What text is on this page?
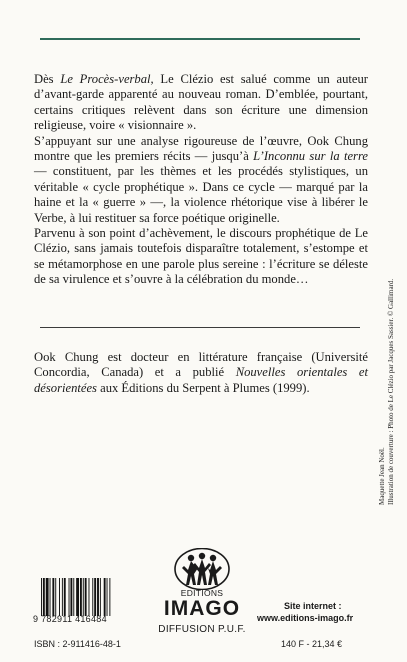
Dès Le Procès-verbal, Le Clézio est salué comme un auteur d’avant-garde apparenté au nouveau roman. D’emblée, pourtant, certains critiques relèvent dans son écriture une dimension religieuse, voire « visionnaire ».

S’appuyant sur une analyse rigoureuse de l’œuvre, Ook Chung montre que les premiers récits — jusqu’à L’Inconnu sur la terre — constituent, par les thèmes et les procédés stylistiques, un véritable « cycle prophétique ». Dans ce cycle — marqué par la haine et la « guerre » —, la violence rhétorique vise à libérer le Verbe, à lui restituer sa force poétique originelle.

Parvenu à son point d’achèvement, le discours prophétique de Le Clézio, sans jamais toutefois disparaître totalement, s’estompe et se métamorphose en une parole plus sereine : l’écriture se déleste de sa virulence et s’ouvre à la célébration du monde…

Ook Chung est docteur en littérature française (Université Concordia, Canada) et a publié Nouvelles orientales et désorientées aux Éditions du Serpent à Plumes (1999).
Maquette Jean Noël. Illustration de couverture : Photo de Le Clézio par Jacques Sassier. © Gallimard.
9 782911 416484
ISBN : 2-911416-48-1
EDITIONS
IMAGO
DIFFUSION P.U.F.
Site internet :
www.editions-imago.fr
140 F - 21,34 €
